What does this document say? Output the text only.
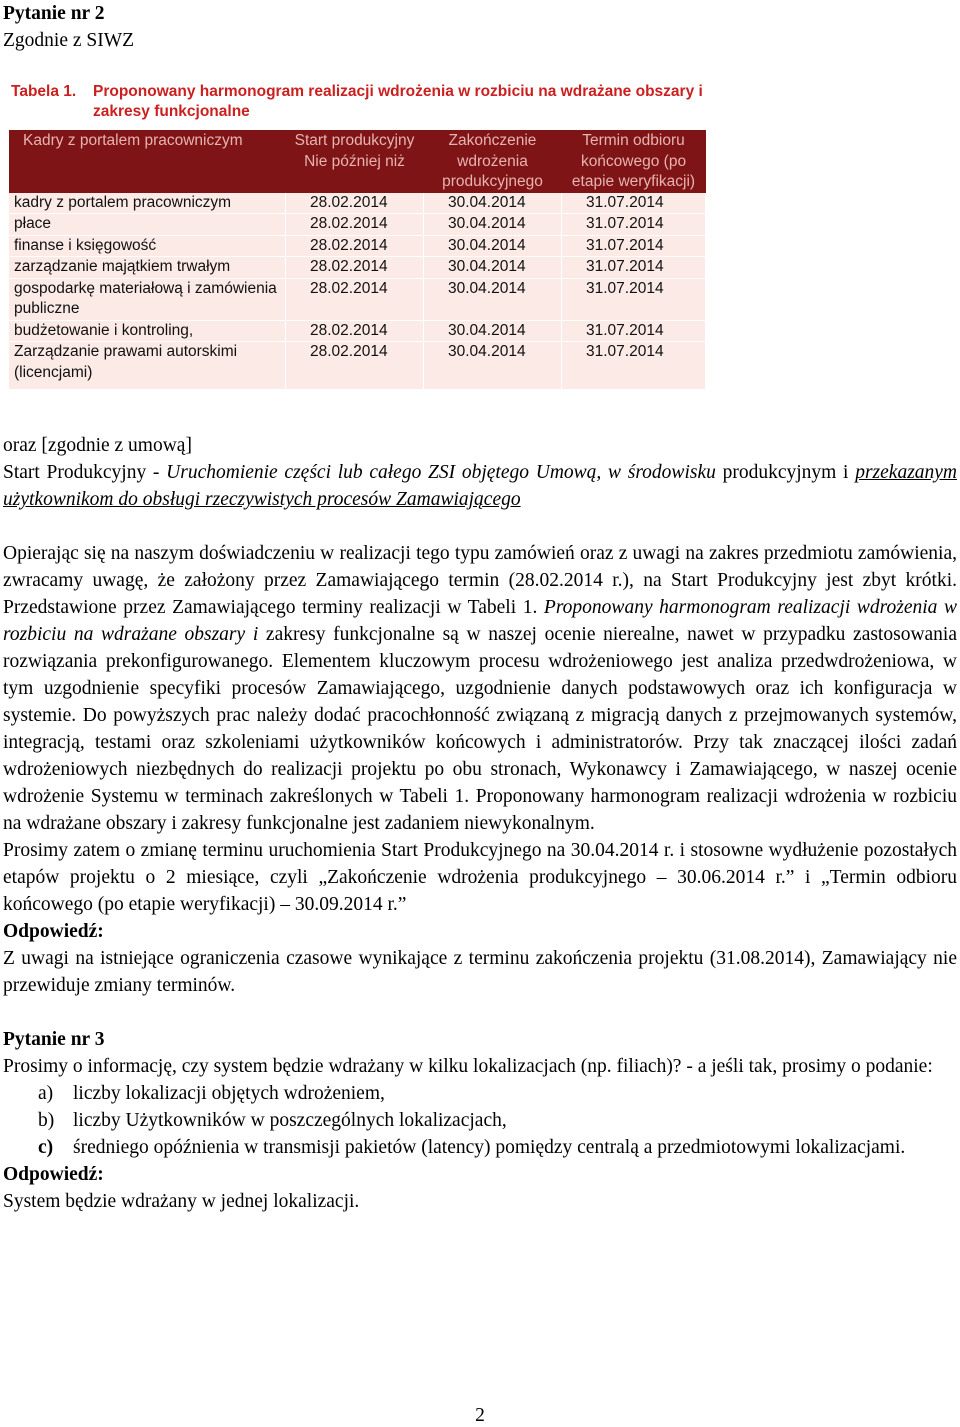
Pytanie nr 2
Zgodnie z SIWZ
Tabela 1.	Proponowany harmonogram realizacji wdrożenia w rozbiciu na wdrażane obszary i zakresy funkcjonalne
Kadry z portalem pracowniczym	Start produkcyjny Nie później niż	Zakończenie wdrożenia produkcyjnego	Termin odbioru końcowego (po etapie weryfikacji)
kadry z portalem pracowniczym	28.02.2014	30.04.2014	31.07.2014
płace	28.02.2014	30.04.2014	31.07.2014
finanse i księgowość	28.02.2014	30.04.2014	31.07.2014
zarządzanie majątkiem trwałym	28.02.2014	30.04.2014	31.07.2014
gospodarkę materiałową i zamówienia publiczne	28.02.2014	30.04.2014	31.07.2014
budżetowanie i kontroling,	28.02.2014	30.04.2014	31.07.2014
Zarządzanie prawami autorskimi (licencjami)	28.02.2014	30.04.2014	31.07.2014
oraz [zgodnie z umową]
Start Produkcyjny - Uruchomienie części lub całego ZSI objętego Umową, w środowisku produkcyjnym i przekazanym użytkownikom do obsługi rzeczywistych procesów Zamawiającego
Opierając się na naszym doświadczeniu w realizacji tego typu zamówień oraz z uwagi na zakres przedmiotu zamówienia, zwracamy uwagę, że założony przez Zamawiającego termin (28.02.2014 r.), na Start Produkcyjny jest zbyt krótki. Przedstawione przez Zamawiającego terminy realizacji w Tabeli 1. Proponowany harmonogram realizacji wdrożenia w rozbiciu na wdrażane obszary i zakresy funkcjonalne są w naszej ocenie nierealne, nawet w przypadku zastosowania rozwiązania prekonfigurowanego. Elementem kluczowym procesu wdrożeniowego jest analiza przedwdrożeniowa, w tym uzgodnienie specyfiki procesów Zamawiającego, uzgodnienie danych podstawowych oraz ich konfiguracja w systemie. Do powyższych prac należy dodać pracochłonność związaną z migracją danych z przejmowanych systemów, integracją, testami oraz szkoleniami użytkowników końcowych i administratorów. Przy tak znaczącej ilości zadań wdrożeniowych niezbędnych do realizacji projektu po obu stronach, Wykonawcy i Zamawiającego, w naszej ocenie wdrożenie Systemu w terminach zakreślonych w Tabeli 1. Proponowany harmonogram realizacji wdrożenia w rozbiciu na wdrażane obszary i zakresy funkcjonalne jest zadaniem niewykonalnym.
Prosimy zatem o zmianę terminu uruchomienia Start Produkcyjnego na 30.04.2014 r. i stosowne wydłużenie pozostałych etapów projektu o 2 miesiące, czyli „Zakończenie wdrożenia produkcyjnego – 30.06.2014 r.” i „Termin odbioru końcowego (po etapie weryfikacji) – 30.09.2014 r.”
Odpowiedź:
Z uwagi na istniejące ograniczenia czasowe wynikające z terminu zakończenia projektu (31.08.2014), Zamawiający nie przewiduje zmiany terminów.
Pytanie nr 3
Prosimy o informację, czy system będzie wdrażany w kilku lokalizacjach (np. filiach)? - a jeśli tak, prosimy o podanie:
a)	liczby lokalizacji objętych wdrożeniem,
b) liczby Użytkowników w poszczególnych lokalizacjach,
c)	średniego opóźnienia w transmisji pakietów (latency) pomiędzy centralą a przedmiotowymi lokalizacjami.
Odpowiedź:
System będzie wdrażany w jednej lokalizacji.
2
